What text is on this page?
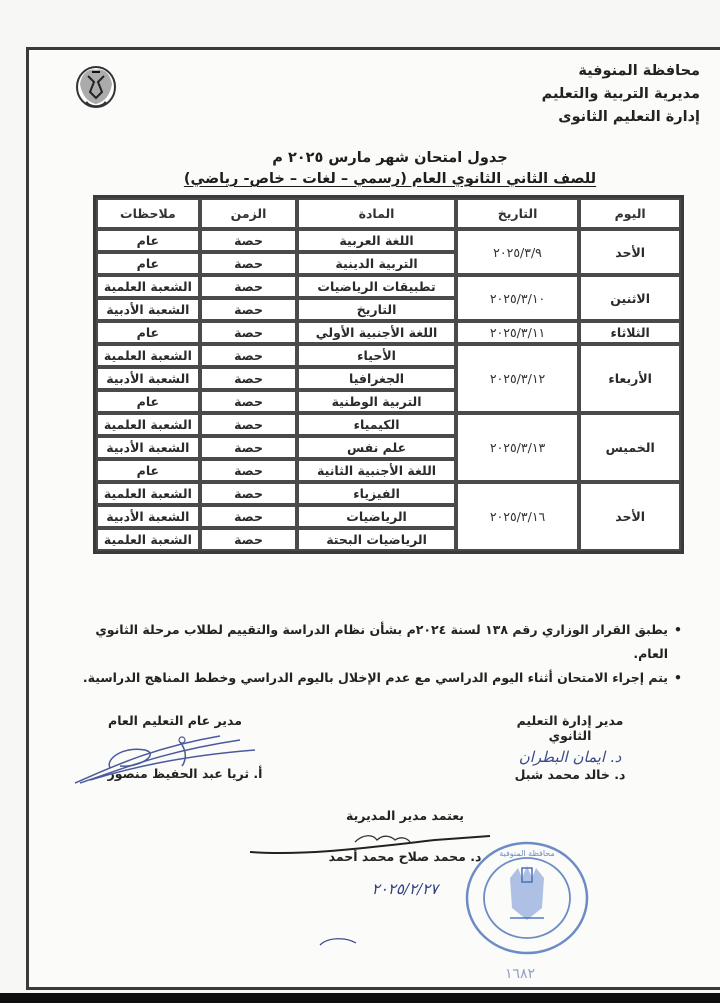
محافظة المنوفية
مديرية التربية والتعليم
إدارة التعليم الثانوى
جدول امتحان شهر مارس ٢٠٢٥ م
للصف الثاني الثانوي العام (رسمي – لغات – خاص- رياضي)
اليوم	التاريخ	المادة	الزمن	ملاحظات
الأحد	٢٠٢٥/٣/٩	اللغة العربية	حصة	عام
		التربية الدينية	حصة	عام
الاثنين	٢٠٢٥/٣/١٠	تطبيقات الرياضيات	حصة	الشعبة العلمية
		التاريخ	حصة	الشعبة الأدبية
الثلاثاء	٢٠٢٥/٣/١١	اللغة الأجنبية الأولي	حصة	عام
الأربعاء	٢٠٢٥/٣/١٢	الأحياء	حصة	الشعبة العلمية
		الجغرافيا	حصة	الشعبة الأدبية
		التربية الوطنية	حصة	عام
الخميس	٢٠٢٥/٣/١٣	الكيمياء	حصة	الشعبة العلمية
		علم نفس	حصة	الشعبة الأدبية
		اللغة الأجنبية الثانية	حصة	عام
الأحد	٢٠٢٥/٣/١٦	الفيزياء	حصة	الشعبة العلمية
		الرياضيات	حصة	الشعبة الأدبية
		الرياضيات البحتة	حصة	الشعبة العلمية
• يطبق القرار الوزاري رقم ١٣٨ لسنة ٢٠٢٤م بشأن نظام الدراسة والتقييم لطلاب مرحلة الثانوي العام.
• يتم إجراء الامتحان أثناء اليوم الدراسي مع عدم الإخلال باليوم الدراسي وخطط المناهج الدراسية.
مدير إدارة التعليم الثانوي
د. ايمان البطران
د. خالد محمد شبل
مدير عام التعليم العام
أ. ثريا عبد الحفيظ منصور
يعتمد مدير المديرية
د. محمد صلاح محمد أحمد
٢٠٢٥/٢/٢٧
محافظة المنوفية
١٦٨٢
